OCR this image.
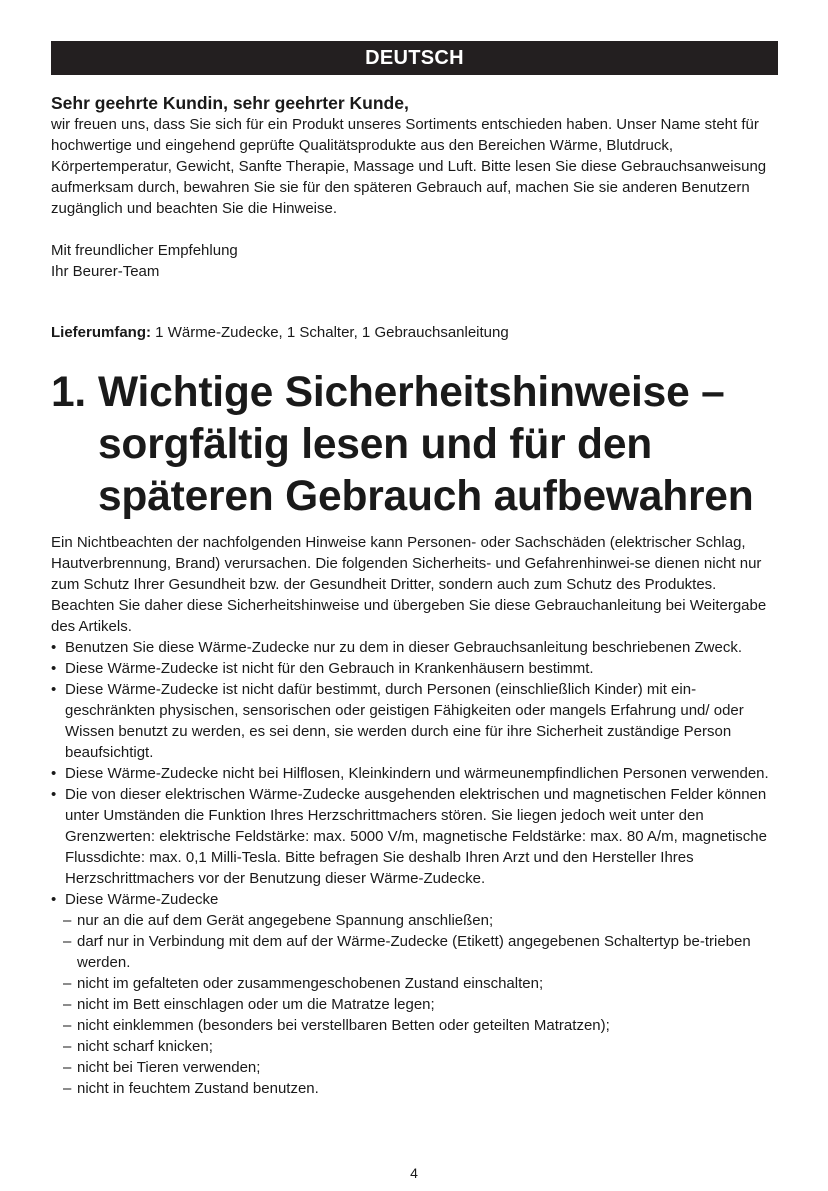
DEUTSCH
Sehr geehrte Kundin, sehr geehrter Kunde,

wir freuen uns, dass Sie sich für ein Produkt unseres Sortiments entschieden haben. Unser Name steht für hochwertige und eingehend geprüfte Qualitätsprodukte aus den Bereichen Wärme, Blutdruck, Körpertemperatur, Gewicht, Sanfte Therapie, Massage und Luft. Bitte lesen Sie diese Gebrauchsanweisung aufmerksam durch, bewahren Sie sie für den späteren Gebrauch auf, machen Sie sie anderen Benutzern zugänglich und beachten Sie die Hinweise.

Mit freundlicher Empfehlung

Ihr Beurer-Team

Lieferumfang: 1 Wärme-Zudecke, 1 Schalter, 1 Gebrauchsanleitung
1. Wichtige Sicherheitshinweise – sorgfältig lesen und für den späteren Gebrauch aufbewahren

Ein Nichtbeachten der nachfolgenden Hinweise kann Personen- oder Sachschäden (elektrischer Schlag, Hautverbrennung, Brand) verursachen. Die folgenden Sicherheits- und Gefahrenhinwei-se dienen nicht nur zum Schutz Ihrer Gesundheit bzw. der Gesundheit Dritter, sondern auch zum Schutz des Produktes. Beachten Sie daher diese Sicherheitshinweise und übergeben Sie diese Gebrauchanleitung bei Weitergabe des Artikels.

• Benutzen Sie diese Wärme-Zudecke nur zu dem in dieser Gebrauchsanleitung beschriebenen Zweck.
• Diese Wärme-Zudecke ist nicht für den Gebrauch in Krankenhäusern bestimmt.
• Diese Wärme-Zudecke ist nicht dafür bestimmt, durch Personen (einschließlich Kinder) mit ein-geschränkten physischen, sensorischen oder geistigen Fähigkeiten oder mangels Erfahrung und/ oder Wissen benutzt zu werden, es sei denn, sie werden durch eine für ihre Sicherheit zuständige Person beaufsichtigt.
• Diese Wärme-Zudecke nicht bei Hilflosen, Kleinkindern und wärmeunempfindlichen Personen verwenden.
• Die von dieser elektrischen Wärme-Zudecke ausgehenden elektrischen und magnetischen Felder können unter Umständen die Funktion Ihres Herzschrittmachers stören. Sie liegen jedoch weit unter den Grenzwerten: elektrische Feldstärke: max. 5000 V/m, magnetische Feldstärke: max. 80 A/m, magnetische Flussdichte: max. 0,1 Milli-Tesla. Bitte befragen Sie deshalb Ihren Arzt und den Hersteller Ihres Herzschrittmachers vor der Benutzung dieser Wärme-Zudecke.
• Diese Wärme-Zudecke
– nur an die auf dem Gerät angegebene Spannung anschließen;
– darf nur in Verbindung mit dem auf der Wärme-Zudecke (Etikett) angegebenen Schaltertyp be-trieben werden.
– nicht im gefalteten oder zusammengeschobenen Zustand einschalten;
– nicht im Bett einschlagen oder um die Matratze legen;
– nicht einklemmen (besonders bei verstellbaren Betten oder geteilten Matratzen);
– nicht scharf knicken;
– nicht bei Tieren verwenden;
– nicht in feuchtem Zustand benutzen.
4
